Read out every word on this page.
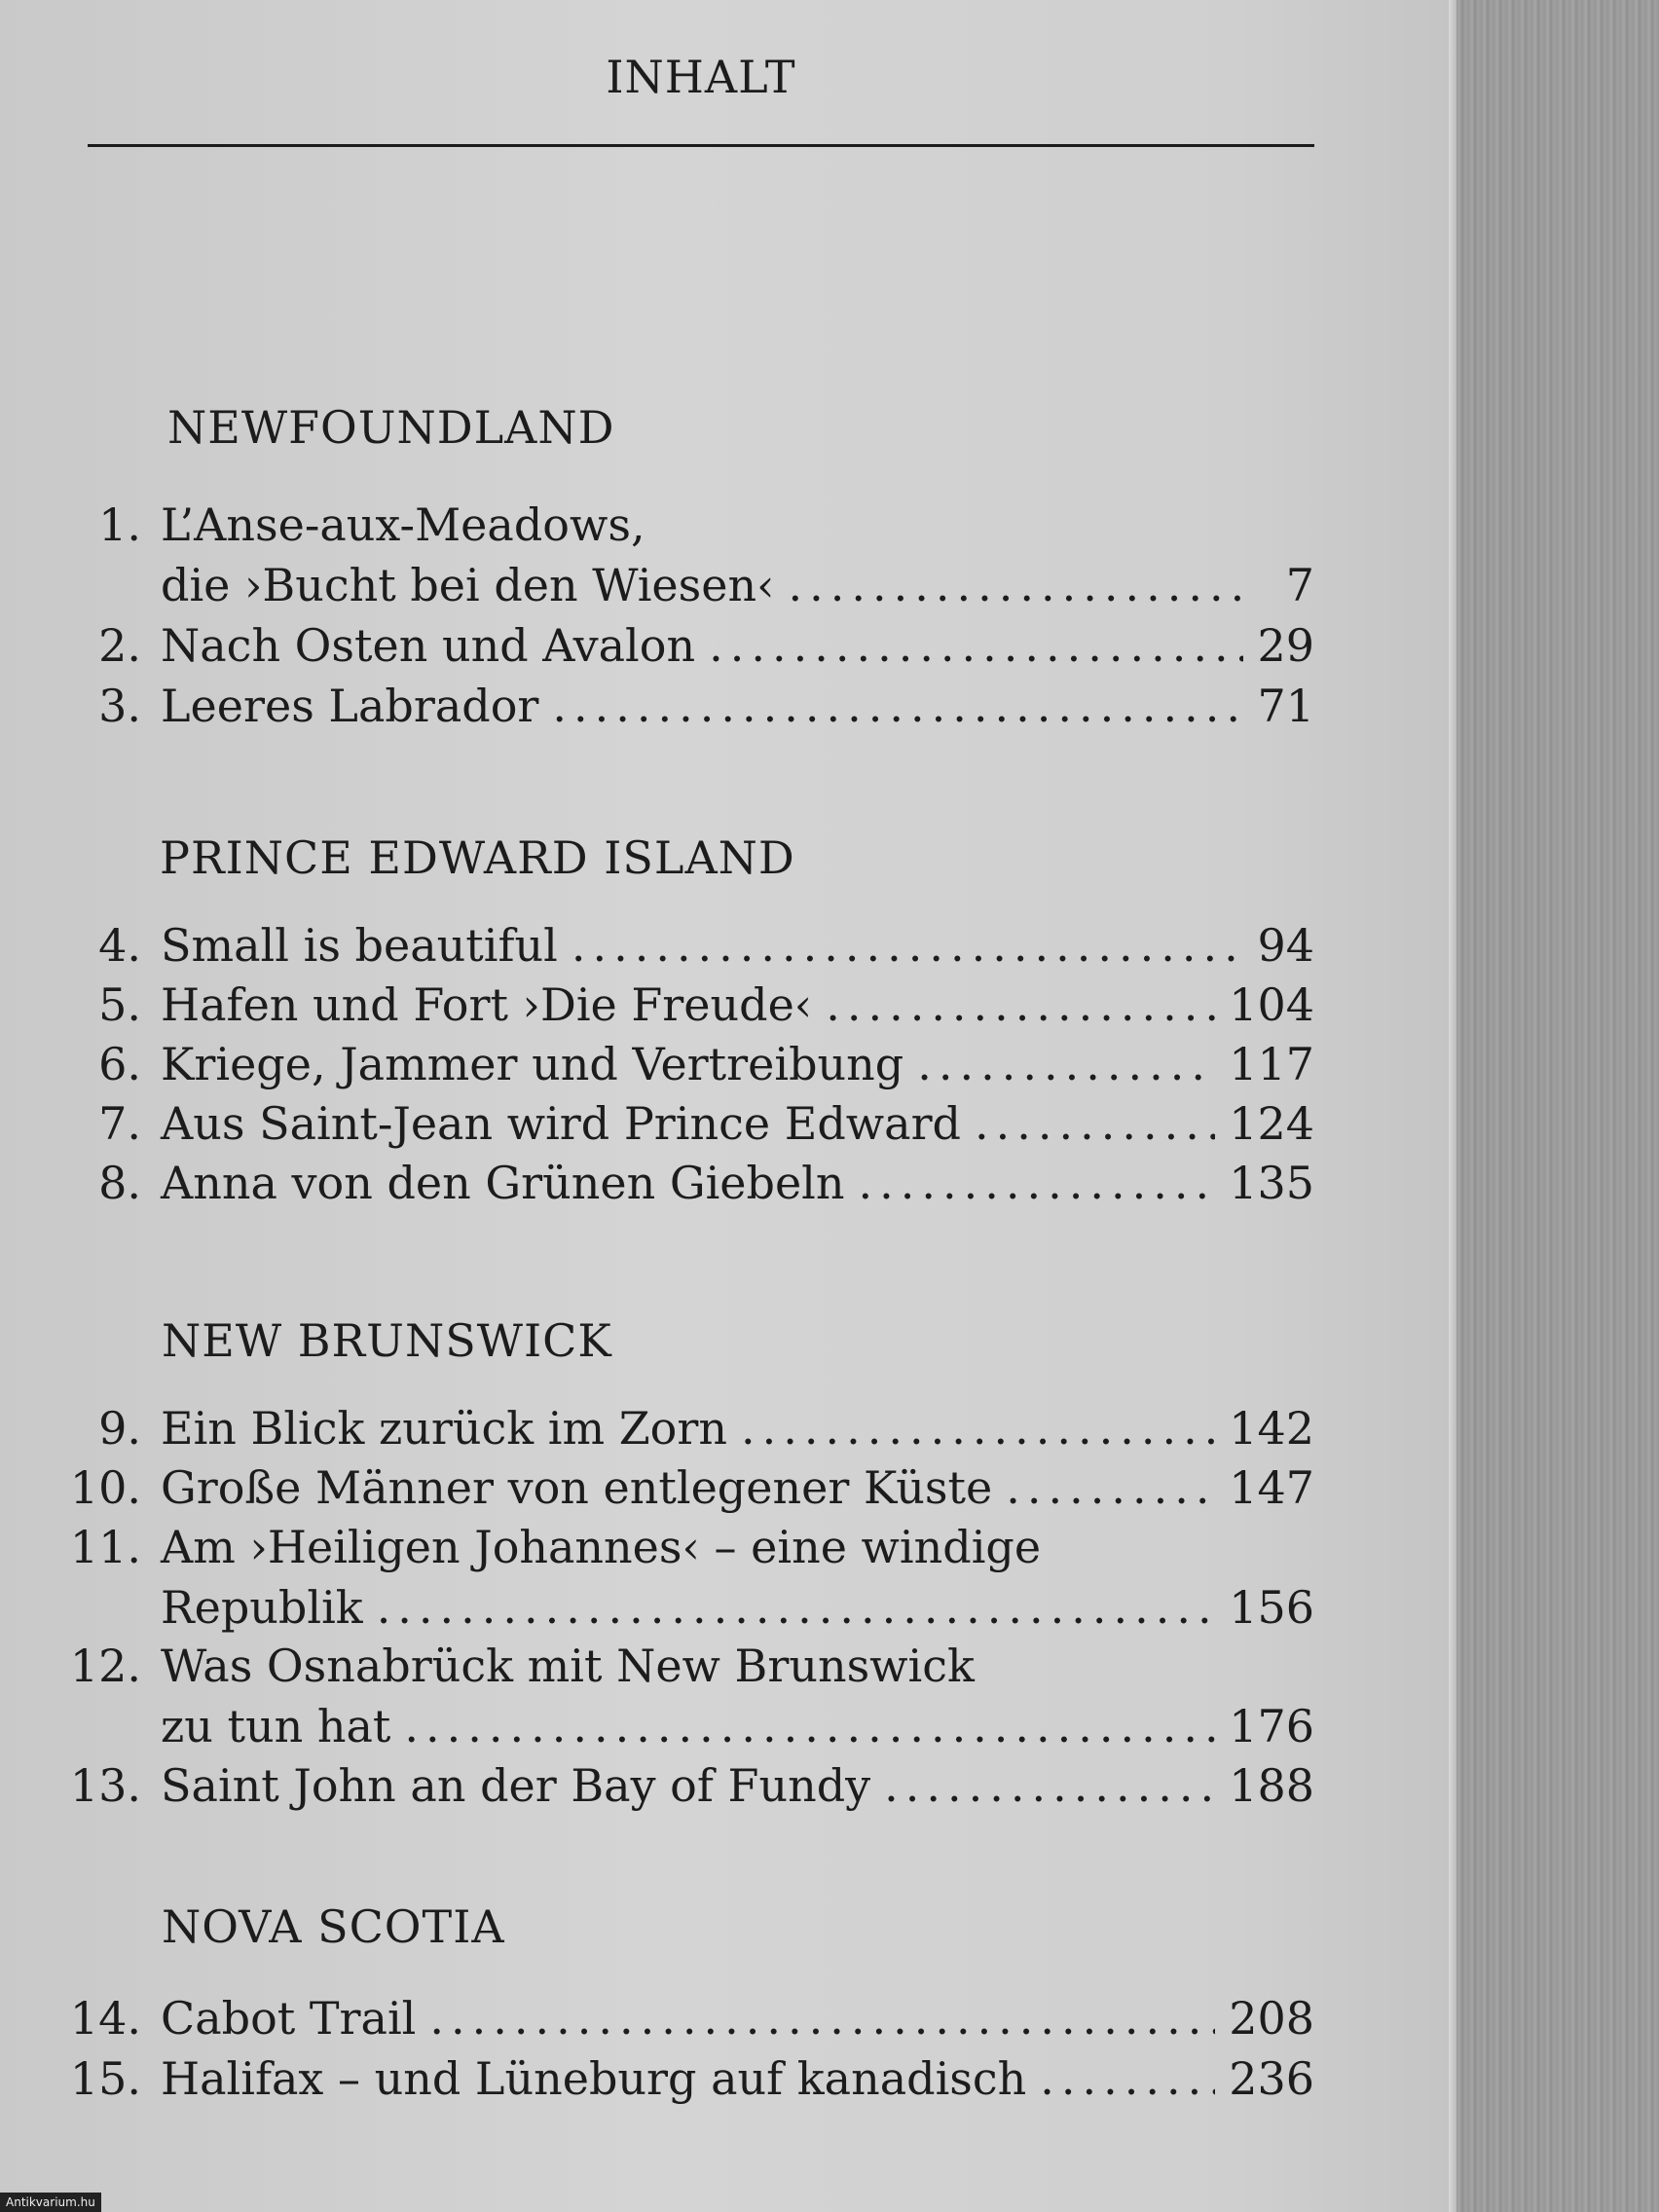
INHALT
NEWFOUNDLAND
1. L’Anse-aux-Meadows,
die ›Bucht bei den Wiesen‹ .....	7
2. Nach Osten und Avalon .....	29
3. Leeres Labrador .....	71
PRINCE EDWARD ISLAND
4. Small is beautiful .....	94
5. Hafen und Fort ›Die Freude‹ .....	104
6. Kriege, Jammer und Vertreibung .....	117
7. Aus Saint-Jean wird Prince Edward .....	124
8. Anna von den Grünen Giebeln .....	135
NEW BRUNSWICK
9. Ein Blick zurück im Zorn .....	142
10. Große Männer von entlegener Küste .....	147
11. Am ›Heiligen Johannes‹ – eine windige
Republik .....	156
12. Was Osnabrück mit New Brunswick
zu tun hat .....	176
13. Saint John an der Bay of Fundy .....	188
NOVA SCOTIA
14. Cabot Trail .....	208
15. Halifax – und Lüneburg auf kanadisch .....	236
Antikvarium.hu
